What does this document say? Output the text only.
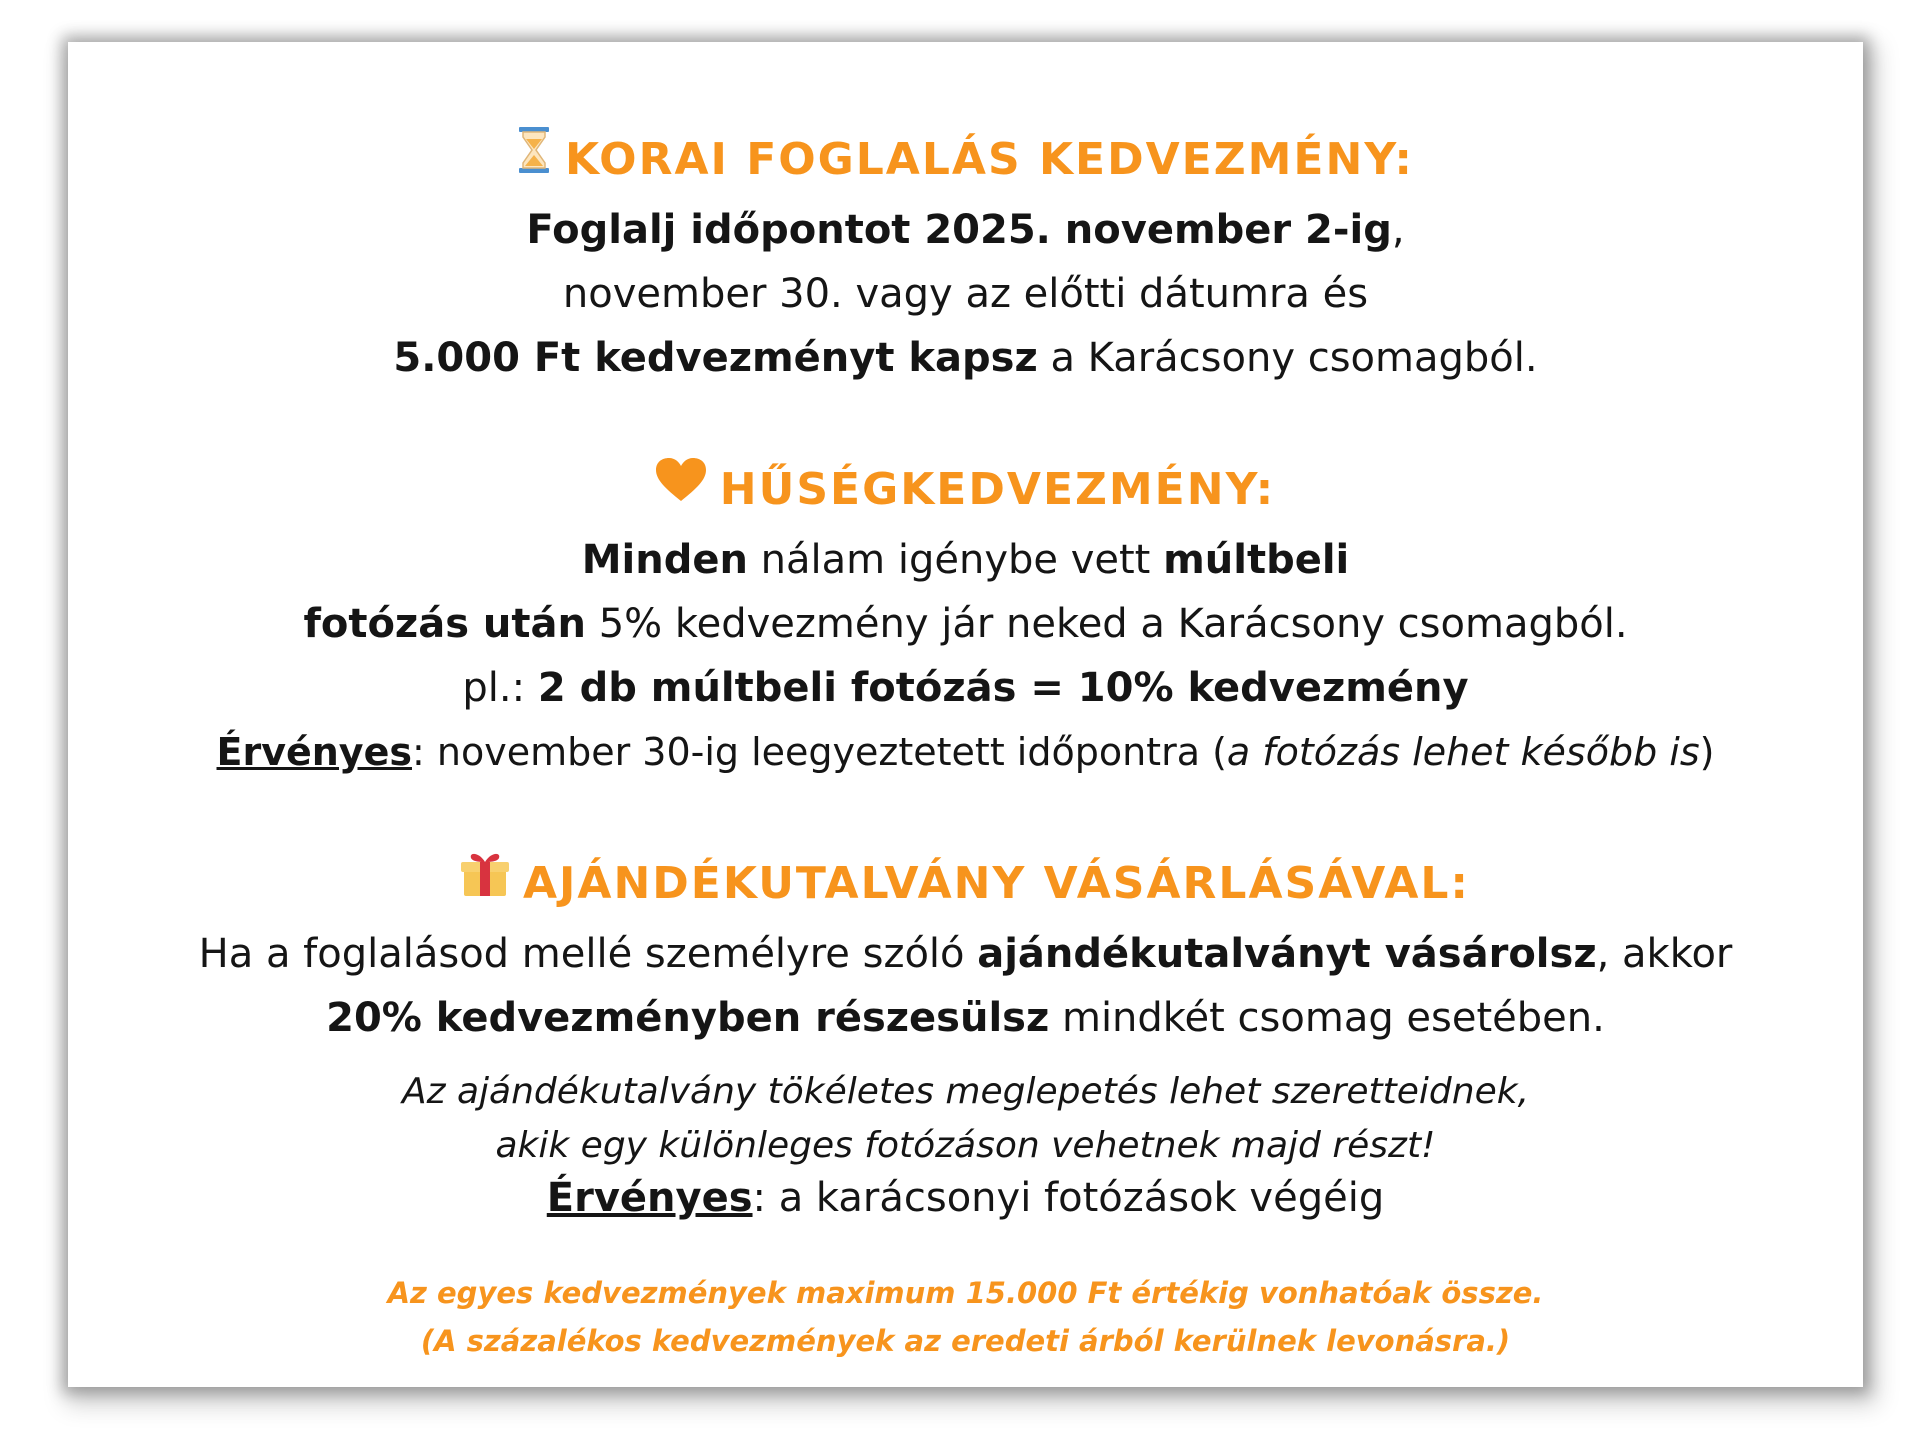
KORAI FOGLALÁS KEDVEZMÉNY:
Foglalj időpontot 2025. november 2-ig,
november 30. vagy az előtti dátumra és
5.000 Ft kedvezményt kapsz a Karácsony csomagból.
HŰSÉGKEDVEZMÉNY:
Minden nálam igénybe vett múltbeli
fotózás után 5% kedvezmény jár neked a Karácsony csomagból.
pl.: 2 db múltbeli fotózás = 10% kedvezmény
Érvényes: november 30-ig leegyeztetett időpontra (a fotózás lehet később is)
AJÁNDÉKUTALVÁNY VÁSÁRLÁSÁVAL:
Ha a foglalásod mellé személyre szóló ajándékutalványt vásárolsz, akkor
20% kedvezményben részesülsz mindkét csomag esetében.
Az ajándékutalvány tökéletes meglepetés lehet szeretteidnek,
akik egy különleges fotózáson vehetnek majd részt!
Érvényes: a karácsonyi fotózások végéig
Az egyes kedvezmények maximum 15.000 Ft értékig vonhatóak össze.
(A százalékos kedvezmények az eredeti árból kerülnek levonásra.)
